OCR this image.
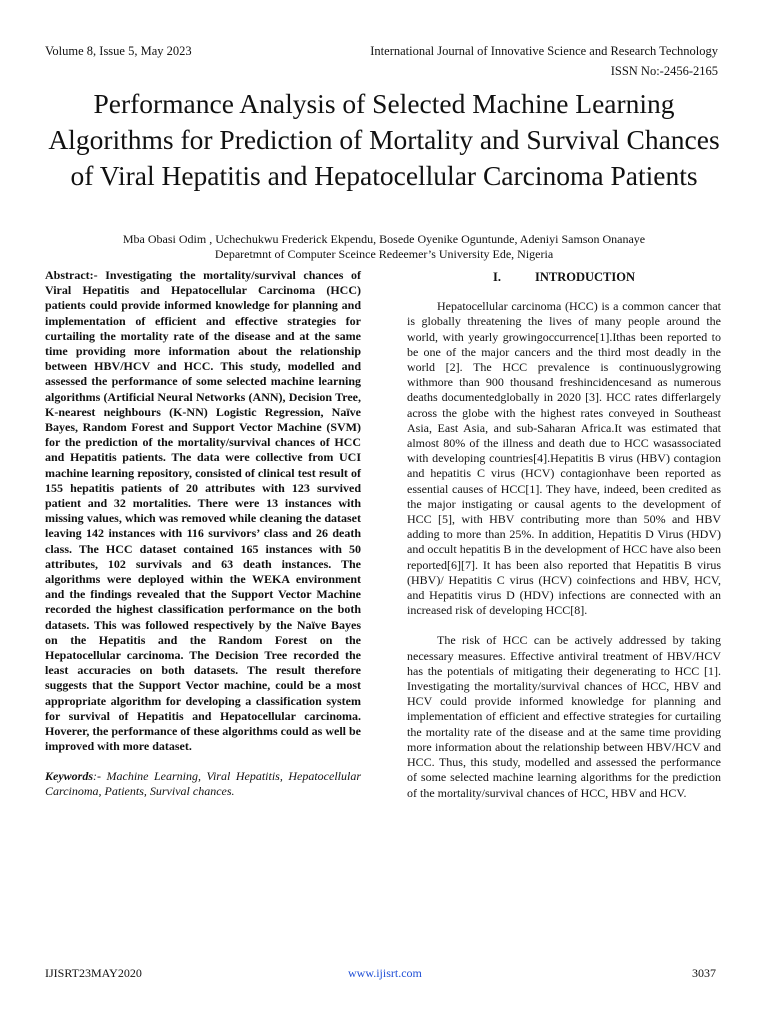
Volume 8, Issue 5, May 2023	International Journal of Innovative Science and Research Technology
ISSN No:-2456-2165
Performance Analysis of Selected Machine Learning Algorithms for Prediction of Mortality and Survival Chances of Viral Hepatitis and Hepatocellular Carcinoma Patients
Mba Obasi Odim , Uchechukwu Frederick Ekpendu, Bosede Oyenike Oguntunde, Adeniyi Samson Onanaye
Deparetmnt of Computer Sceince Redeemer’s University Ede, Nigeria

Abstract:- Investigating the mortality/survival chances of Viral Hepatitis and Hepatocellular Carcinoma (HCC) patients could provide informed knowledge for planning and implementation of efficient and effective strategies for curtailing the mortality rate of the disease and at the same time providing more information about the relationship between HBV/HCV and HCC. This study, modelled and assessed the performance of some selected machine learning algorithms (Artificial Neural Networks (ANN), Decision Tree, K-nearest neighbours (K-NN) Logistic Regression, Naïve Bayes, Random Forest and Support Vector Machine (SVM) for the prediction of the mortality/survival chances of HCC and Hepatitis patients. The data were collective from UCI machine learning repository, consisted of clinical test result of 155 hepatitis patients of 20 attributes with 123 survived patient and 32 mortalities. There were 13 instances with missing values, which was removed while cleaning the dataset leaving 142 instances with 116 survivors’ class and 26 death class. The HCC dataset contained 165 instances with 50 attributes, 102 survivals and 63 death instances. The algorithms were deployed within the WEKA environment and the findings revealed that the Support Vector Machine recorded the highest classification performance on the both datasets. This was followed respectively by the Naïve Bayes on the Hepatitis and the Random Forest on the Hepatocellular carcinoma. The Decision Tree recorded the least accuracies on both datasets. The result therefore suggests that the Support Vector machine, could be a most appropriate algorithm for developing a classification system for survival of Hepatitis and Hepatocellular carcinoma. Hoverer, the performance of these algorithms could as well be improved with more dataset.

Keywords:- Machine Learning, Viral Hepatitis, Hepatocellular Carcinoma, Patients, Survival chances.

I.	INTRODUCTION

Hepatocellular carcinoma (HCC) is a common cancer that is globally threatening the lives of many people around the world, with yearly growingoccurrence[1].Ithas been reported to be one of the major cancers and the third most deadly in the world [2]. The HCC prevalence is continuouslygrowing withmore than 900 thousand freshincidencesand as numerous deaths documentedglobally in 2020 [3]. HCC rates differlargely across the globe with the highest rates conveyed in Southeast Asia, East Asia, and sub-Saharan Africa.It was estimated that almost 80% of the illness and death due to HCC wasassociated with developing countries[4].Hepatitis B virus (HBV) contagion and hepatitis C virus (HCV) contagionhave been reported as essential causes of HCC[1]. They have, indeed, been credited as the major instigating or causal agents to the development of HCC [5], with HBV contributing more than 50% and HBV adding to more than 25%. In addition, Hepatitis D Virus (HDV) and occult hepatitis B in the development of HCC have also been reported[6][7]. It has been also reported that Hepatitis B virus (HBV)/ Hepatitis C virus (HCV) coinfections and HBV, HCV, and Hepatitis virus D (HDV) infections are connected with an increased risk of developing HCC[8].

The risk of HCC can be actively addressed by taking necessary measures. Effective antiviral treatment of HBV/HCV has the potentials of mitigating their degenerating to HCC [1]. Investigating the mortality/survival chances of HCC, HBV and HCV could provide informed knowledge for planning and implementation of efficient and effective strategies for curtailing the mortality rate of the disease and at the same time providing more information about the relationship between HBV/HCV and HCC. Thus, this study, modelled and assessed the performance of some selected machine learning algorithms for the prediction of the mortality/survival chances of HCC, HBV and HCV.

IJISRT23MAY2020	www.ijisrt.com	3037
